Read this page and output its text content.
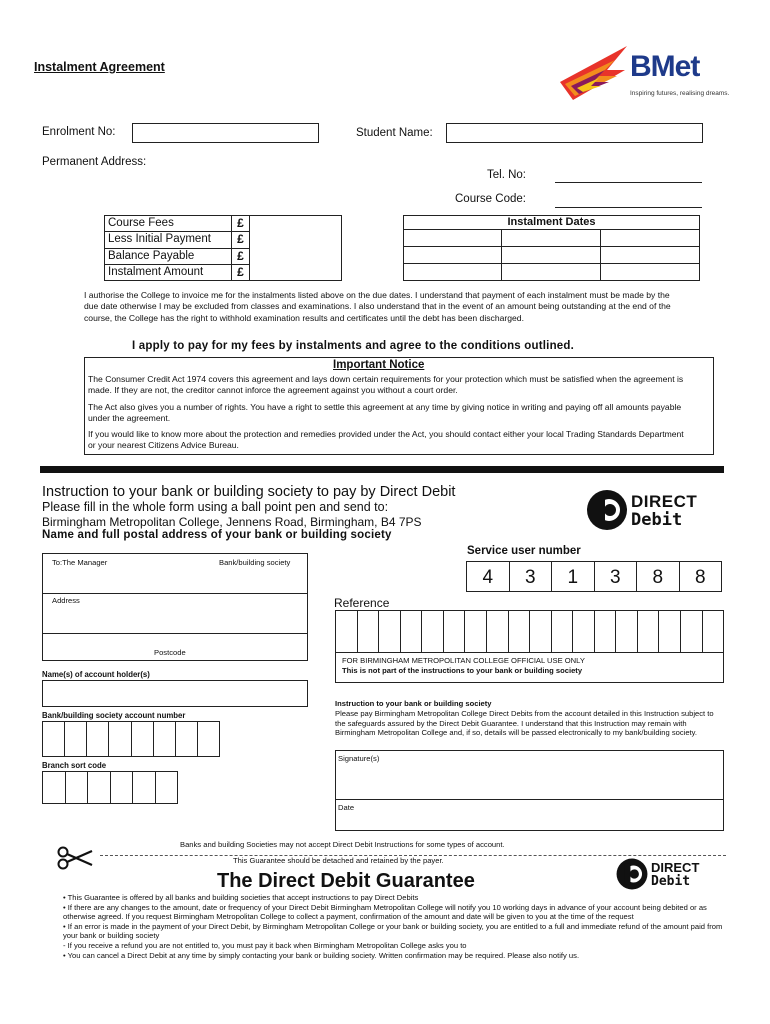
Instalment Agreement	BMet
Inspiring futures, realising dreams.
Enrolment No:	Student Name:
Permanent Address:
Tel. No:
Course Code:
Course Fees	£
Less Initial Payment	£
Balance Payable	£
Instalment Amount	£
Instalment Dates
I authorise the College to invoice me for the instalments listed above on the due dates. I understand that payment of each instalment must be made by the due date otherwise I may be excluded from classes and examinations. I also understand that in the event of an amount being outstanding at the end of the course, the College has the right to withhold examination results and certificates until the debt has been discharged.
I apply to pay for my fees by instalments and agree to the conditions outlined.
Important Notice
The Consumer Credit Act 1974 covers this agreement and lays down certain requirements for your protection which must be satisfied when the agreement is made. If they are not, the creditor cannot inforce the agreement against you without a court order.
The Act also gives you a number of rights. You have a right to settle this agreement at any time by giving notice in writing and paying off all amounts payable under the agreement.
If you would like to know more about the protection and remedies provided under the Act, you should contact either your local Trading Standards Department or your nearest Citizens Advice Bureau.
Instruction to your bank or building society to pay by Direct Debit
Please fill in the whole form using a ball point pen and send to:
Birmingham Metropolitan College, Jennens Road, Birmingham, B4 7PS
Name and full postal address of your bank or building society
DIRECT
Debit
To:The Manager	Bank/building society
Address
Postcode
Name(s) of account holder(s)
Bank/building society account number
Branch sort code
Service user number
4	3	1	3	8	8
Reference
FOR BIRMINGHAM METROPOLITAN COLLEGE OFFICIAL USE ONLY
This is not part of the instructions to your bank or building society
Instruction to your bank or building society
Please pay Birmingham Metropolitan College Direct Debits from the account detailed in this Instruction subject to the safeguards assured by the Direct Debit Guarantee. I understand that this Instruction may remain with Birmingham Metropolitan College and, if so, details will be passed electronically to my bank/building society.
Signature(s)
Date
Banks and building Societies may not accept Direct Debit Instructions for some types of account.
This Guarantee should be detached and retained by the payer.
The Direct Debit Guarantee
DIRECT
Debit
• This Guarantee is offered by all banks and building societies that accept instructions to pay Direct Debits
• If there are any changes to the amount, date or frequency of your Direct Debit Birmingham Metropolitan College will notify you 10 working days in advance of your account being debited or as otherwise agreed. If you request Birmingham Metropolitan College to collect a payment, confirmation of the amount and date will be given to you at the time of the request
• If an error is made in the payment of your Direct Debit, by Birmingham Metropolitan College or your bank or building society, you are entitled to a full and immediate refund of the amount paid from your bank or building society
- If you receive a refund you are not entitled to, you must pay it back when Birmingham Metropolitan College asks you to
• You can cancel a Direct Debit at any time by simply contacting your bank or building society. Written confirmation may be required. Please also notify us.
